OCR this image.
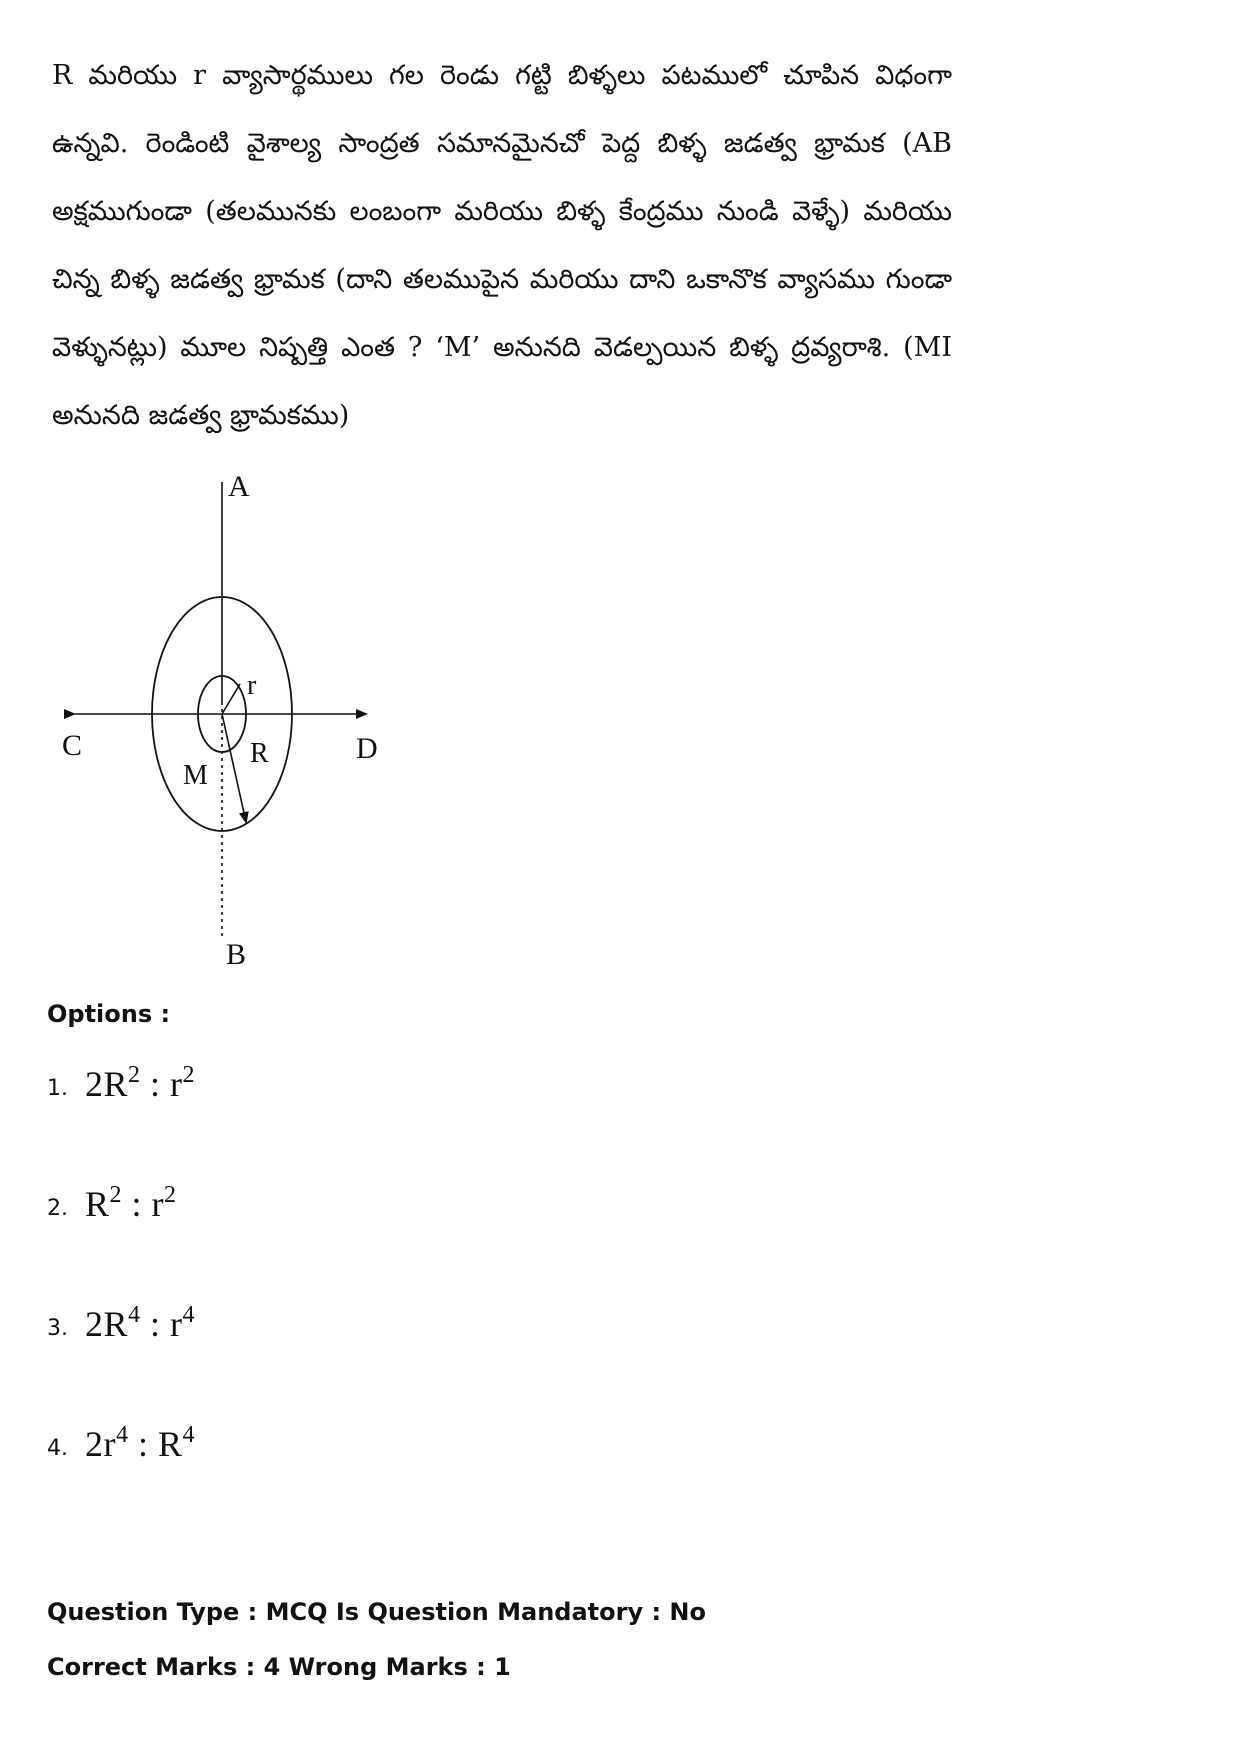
R మరియు r వ్యాసార్థములు గల రెండు గట్టి బిళ్ళలు పటములో చూపిన విధంగా ఉన్నవి. రెండింటి వైశాల్య సాంద్రత సమానమైనచో పెద్ద బిళ్ళ జడత్వ భ్రామక (AB అక్షముగుండా (తలమునకు లంబంగా మరియు బిళ్ళ కేంద్రము నుండి వెళ్ళే) మరియు చిన్న బిళ్ళ జడత్వ భ్రామక (దాని తలముపైన మరియు దాని ఒకానొక వ్యాసము గుండా వెళ్ళునట్లు) మూల నిష్పత్తి ఎంత ? ‘M’ అనునది వెడల్పయిన బిళ్ళ ద్రవ్యరాశి. (MI అనునది జడత్వ భ్రామకము)

A
B
C	D
r
R
M

Options :

1. $2R^2$ : $r^2$
2. $R^2$ : $r^2$
3. $2R^4$ : $r^4$
4. $2r^4$ : $R^4$

Question Type : MCQ Is Question Mandatory : No

Correct Marks : 4 Wrong Marks : 1
